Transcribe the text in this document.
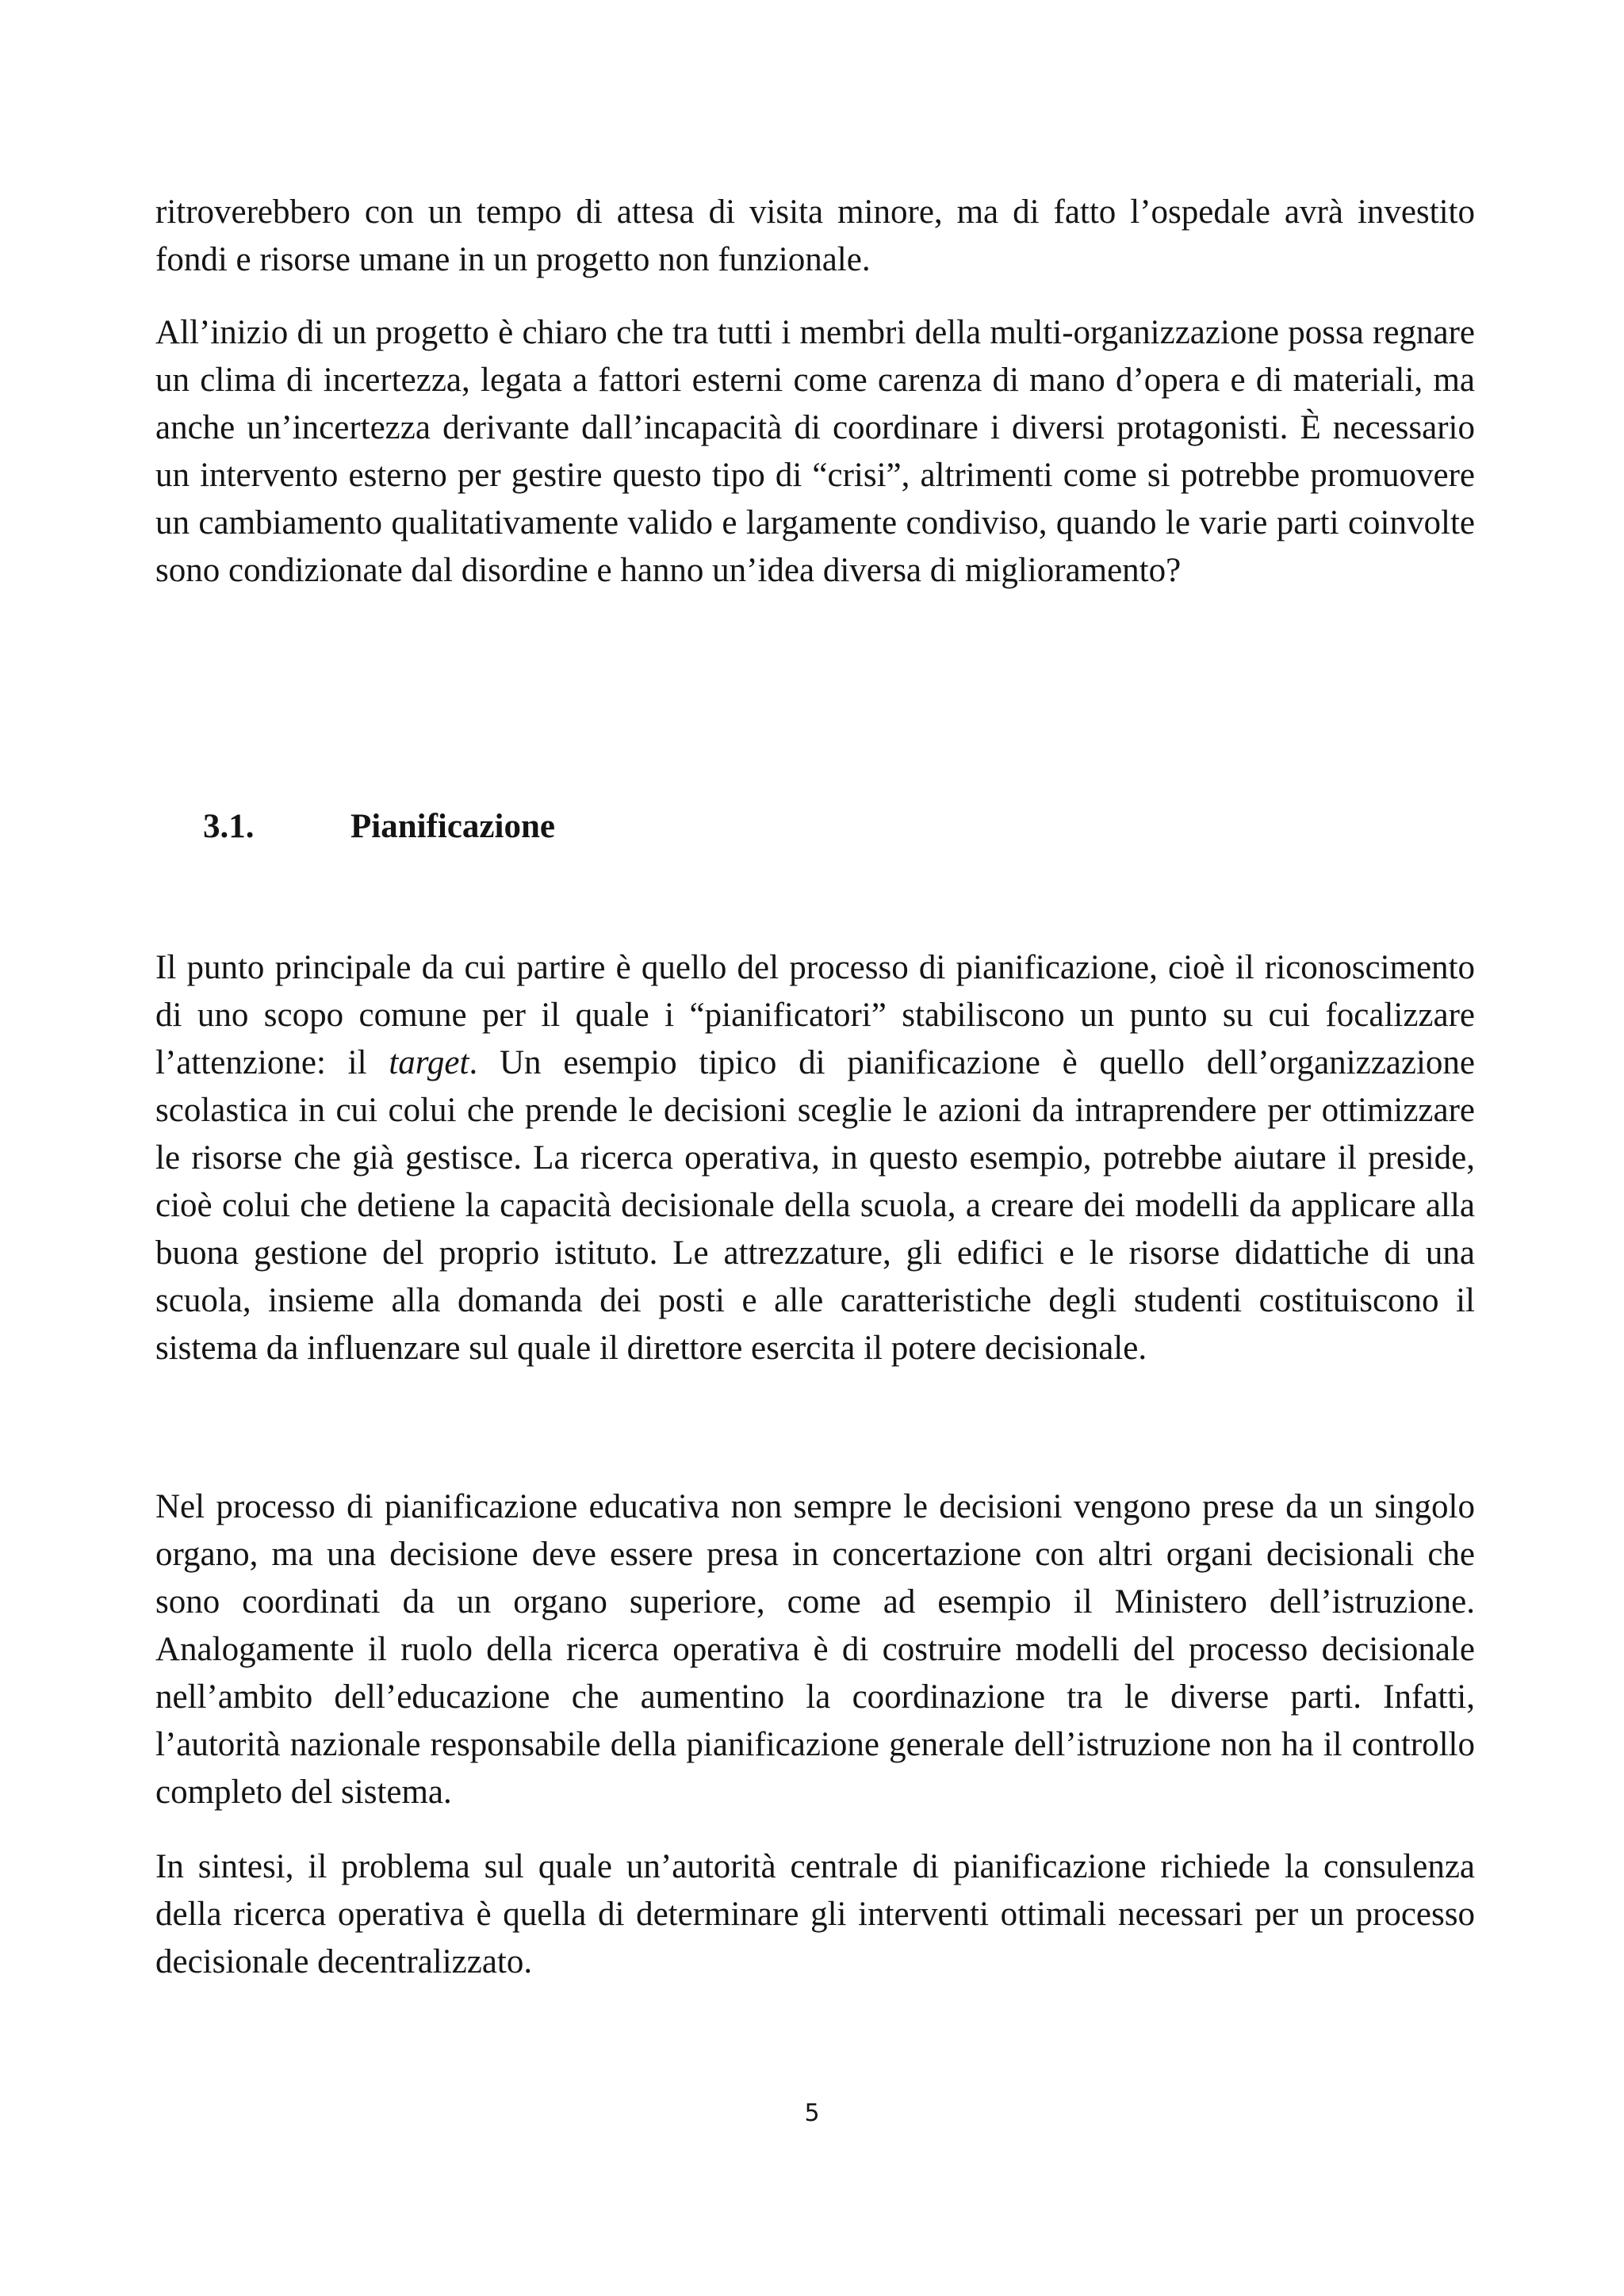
ritroverebbero con un tempo di attesa di visita minore, ma di fatto l’ospedale avrà investito fondi e risorse umane in un progetto non funzionale.

All’inizio di un progetto è chiaro che tra tutti i membri della multi-organizzazione possa regnare un clima di incertezza, legata a fattori esterni come carenza di mano d’opera e di materiali, ma anche un’incertezza derivante dall’incapacità di coordinare i diversi protagonisti. È necessario un intervento esterno per gestire questo tipo di “crisi”, altrimenti come si potrebbe promuovere un cambiamento qualitativamente valido e largamente condiviso, quando le varie parti coinvolte sono condizionate dal disordine e hanno un’idea diversa di miglioramento?

3.1.	Pianificazione

Il punto principale da cui partire è quello del processo di pianificazione, cioè il riconoscimento di uno scopo comune per il quale i “pianificatori” stabiliscono un punto su cui focalizzare l’attenzione: il target. Un esempio tipico di pianificazione è quello dell’organizzazione scolastica in cui colui che prende le decisioni sceglie le azioni da intraprendere per ottimizzare le risorse che già gestisce. La ricerca operativa, in questo esempio, potrebbe aiutare il preside, cioè colui che detiene la capacità decisionale della scuola, a creare dei modelli da applicare alla buona gestione del proprio istituto. Le attrezzature, gli edifici e le risorse didattiche di una scuola, insieme alla domanda dei posti e alle caratteristiche degli studenti costituiscono il sistema da influenzare sul quale il direttore esercita il potere decisionale.

Nel processo di pianificazione educativa non sempre le decisioni vengono prese da un singolo organo, ma una decisione deve essere presa in concertazione con altri organi decisionali che sono coordinati da un organo superiore, come ad esempio il Ministero dell’istruzione. Analogamente il ruolo della ricerca operativa è di costruire modelli del processo decisionale nell’ambito dell’educazione che aumentino la coordinazione tra le diverse parti. Infatti, l’autorità nazionale responsabile della pianificazione generale dell’istruzione non ha il controllo completo del sistema.

In sintesi, il problema sul quale un’autorità centrale di pianificazione richiede la consulenza della ricerca operativa è quella di determinare gli interventi ottimali necessari per un processo decisionale decentralizzato.

5
